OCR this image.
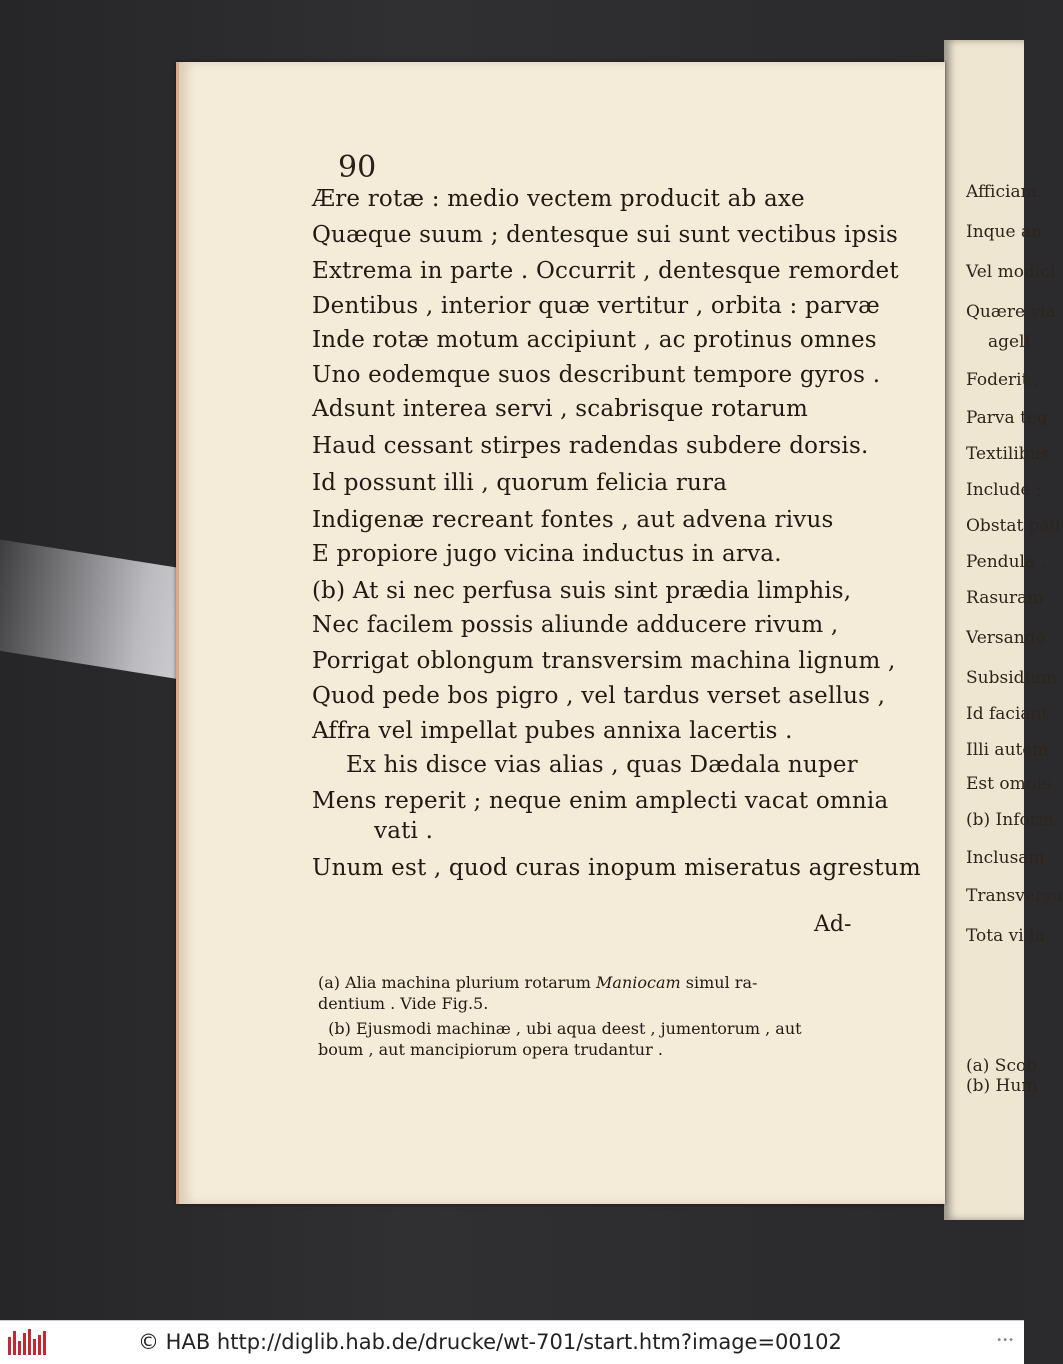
Afficiam.
Inque an
Vel modici
Quære via
agell
Foderit ,
Parva teg
Textilibus
Include ;
Obstat pau
Pendula ,
Rasuram
Versando
Subsidium
Id faciant
Illi autem
Est omnis
(b) Inform
Inclusam
Transversu
Tota vi la
(a) Scob
(b) Hum
90
Ære rotæ : medio vectem producit ab axe
Quæque suum ; dentesque sui sunt vectibus ipsis
Extrema in parte . Occurrit , dentesque remordet
Dentibus , interior quæ vertitur , orbita : parvæ
Inde rotæ motum accipiunt , ac protinus omnes
Uno eodemque suos describunt tempore gyros .
Adsunt interea servi , scabrisque rotarum
Haud cessant stirpes radendas subdere dorsis.
Id possunt illi , quorum felicia rura
Indigenæ recreant fontes , aut advena rivus
E propiore jugo vicina inductus in arva.
(b) At si nec perfusa suis sint prædia limphis,
Nec facilem possis aliunde adducere rivum ,
Porrigat oblongum transversim machina lignum ,
Quod pede bos pigro , vel tardus verset asellus ,
Affra vel impellat pubes annixa lacertis .
Ex his disce vias alias , quas Dædala nuper
Mens reperit ; neque enim amplecti vacat omnia
vati .
Unum est , quod curas inopum miseratus agrestum
Ad-
(a) Alia machina plurium rotarum Maniocam simul ra-
dentium . Vide Fig.5.
(b) Ejusmodi machinæ , ubi aqua deest , jumentorum , aut
boum , aut mancipiorum opera trudantur .
© HAB http://diglib.hab.de/drucke/wt-701/start.htm?image=00102	•••
